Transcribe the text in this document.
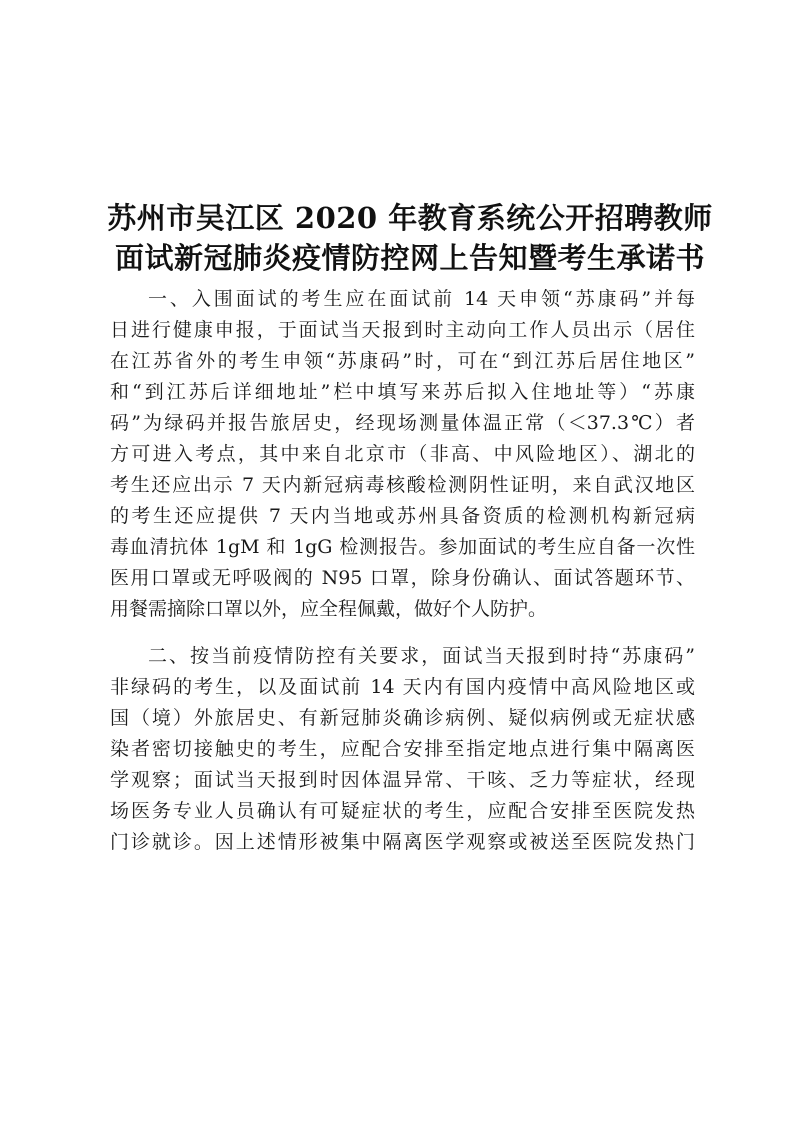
苏州市吴江区 2020 年教育系统公开招聘教师
面试新冠肺炎疫情防控网上告知暨考生承诺书
一、入围面试的考生应在面试前 14 天申领“苏康码”并每
日进行健康申报，于面试当天报到时主动向工作人员出示（居住
在江苏省外的考生申领“苏康码”时，可在“到江苏后居住地区”
和“到江苏后详细地址”栏中填写来苏后拟入住地址等）“苏康
码”为绿码并报告旅居史，经现场测量体温正常（＜37.3℃）者
方可进入考点，其中来自北京市（非高、中风险地区）、湖北的
考生还应出示 7 天内新冠病毒核酸检测阴性证明，来自武汉地区
的考生还应提供 7 天内当地或苏州具备资质的检测机构新冠病
毒血清抗体 1gM 和 1gG 检测报告。参加面试的考生应自备一次性
医用口罩或无呼吸阀的 N95 口罩，除身份确认、面试答题环节、
用餐需摘除口罩以外，应全程佩戴，做好个人防护。
二、按当前疫情防控有关要求，面试当天报到时持“苏康码”
非绿码的考生，以及面试前 14 天内有国内疫情中高风险地区或
国（境）外旅居史、有新冠肺炎确诊病例、疑似病例或无症状感
染者密切接触史的考生，应配合安排至指定地点进行集中隔离医
学观察；面试当天报到时因体温异常、干咳、乏力等症状，经现
场医务专业人员确认有可疑症状的考生，应配合安排至医院发热
门诊就诊。因上述情形被集中隔离医学观察或被送至医院发热门
